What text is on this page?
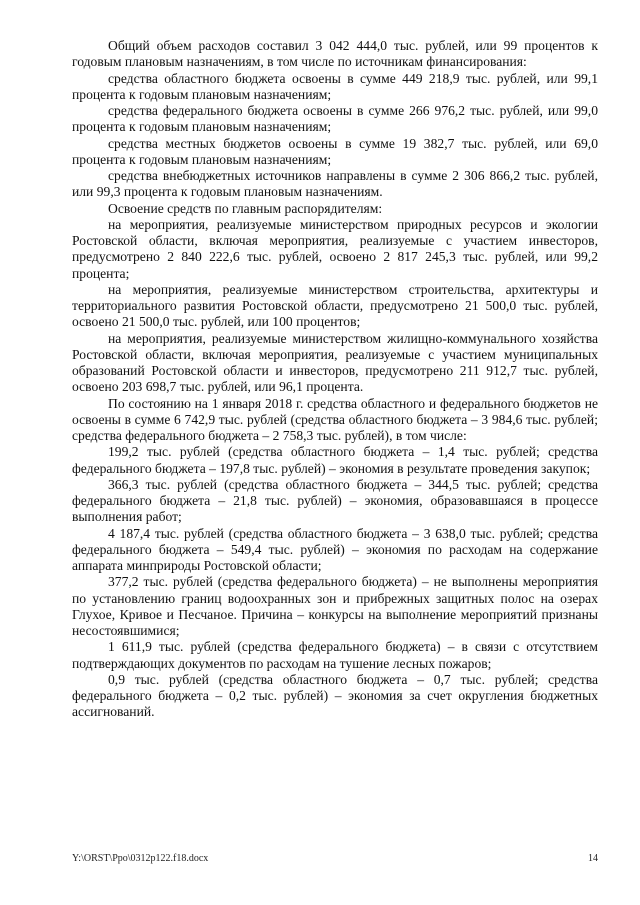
Общий объем расходов составил 3 042 444,0 тыс. рублей, или 99 процентов к годовым плановым назначениям, в том числе по источникам финансирования:

средства областного бюджета освоены в сумме 449 218,9 тыс. рублей, или 99,1 процента к годовым плановым назначениям;

средства федерального бюджета освоены в сумме 266 976,2 тыс. рублей, или 99,0 процента к годовым плановым назначениям;

средства местных бюджетов освоены в сумме 19 382,7 тыс. рублей, или 69,0 процента к годовым плановым назначениям;

средства внебюджетных источников направлены в сумме 2 306 866,2 тыс. рублей, или 99,3 процента к годовым плановым назначениям.

Освоение средств по главным распорядителям:

на мероприятия, реализуемые министерством природных ресурсов и экологии Ростовской области, включая мероприятия, реализуемые с участием инвесторов, предусмотрено 2 840 222,6 тыс. рублей, освоено 2 817 245,3 тыс. рублей, или 99,2 процента;

на мероприятия, реализуемые министерством строительства, архитектуры и территориального развития Ростовской области, предусмотрено 21 500,0 тыс. рублей, освоено 21 500,0 тыс. рублей, или 100 процентов;

на мероприятия, реализуемые министерством жилищно-коммунального хозяйства Ростовской области, включая мероприятия, реализуемые с участием муниципальных образований Ростовской области и инвесторов, предусмотрено 211 912,7 тыс. рублей, освоено 203 698,7 тыс. рублей, или 96,1 процента.

По состоянию на 1 января 2018 г. средства областного и федерального бюджетов не освоены в сумме 6 742,9 тыс. рублей (средства областного бюджета – 3 984,6 тыс. рублей; средства федерального бюджета – 2 758,3 тыс. рублей), в том числе:

199,2 тыс. рублей (средства областного бюджета – 1,4 тыс. рублей; средства федерального бюджета – 197,8 тыс. рублей) – экономия в результате проведения закупок;

366,3 тыс. рублей (средства областного бюджета – 344,5 тыс. рублей; средства федерального бюджета – 21,8 тыс. рублей) – экономия, образовавшаяся в процессе выполнения работ;

4 187,4 тыс. рублей (средства областного бюджета – 3 638,0 тыс. рублей; средства федерального бюджета – 549,4 тыс. рублей) – экономия по расходам на содержание аппарата минприроды Ростовской области;

377,2 тыс. рублей (средства федерального бюджета) – не выполнены мероприятия по установлению границ водоохранных зон и прибрежных защитных полос на озерах Глухое, Кривое и Песчаное. Причина – конкурсы на выполнение мероприятий признаны несостоявшимися;

1 611,9 тыс. рублей (средства федерального бюджета) – в связи с отсутствием подтверждающих документов по расходам на тушение лесных пожаров;

0,9 тыс. рублей (средства областного бюджета – 0,7 тыс. рублей; средства федерального бюджета – 0,2 тыс. рублей) – экономия за счет округления бюджетных ассигнований.

Y:\ORST\Ppo\0312p122.f18.docx	14
